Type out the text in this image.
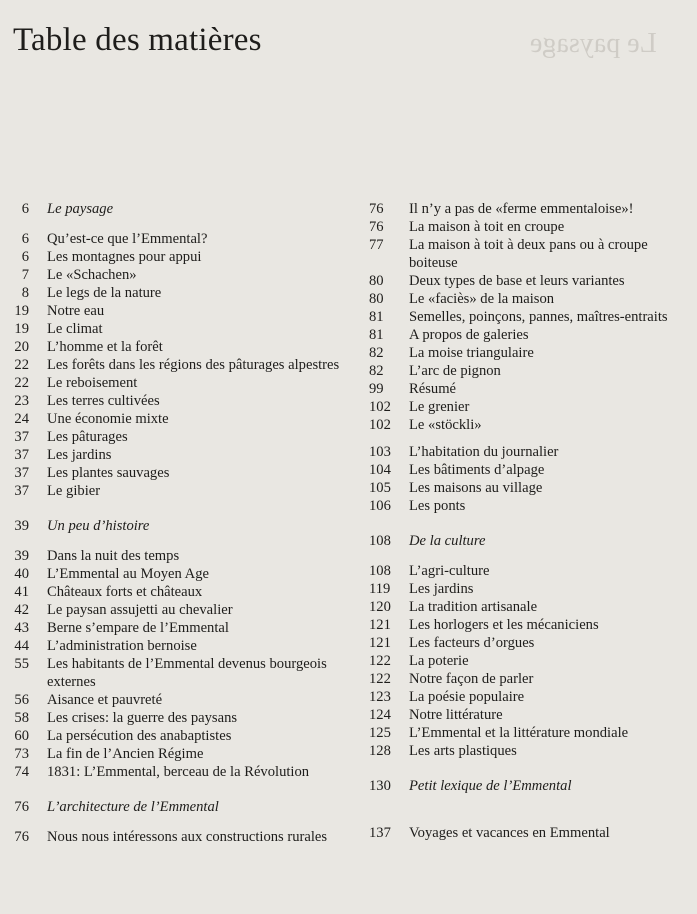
Le paysage
Table des matières
6	Le paysage
6	Qu’est-ce que l’Emmental?
6	Les montagnes pour appui
7	Le «Schachen»
8	Le legs de la nature
19	Notre eau
19	Le climat
20	L’homme et la forêt
22	Les forêts dans les régions des pâturages alpestres
22	Le reboisement
23	Les terres cultivées
24	Une économie mixte
37	Les pâturages
37	Les jardins
37	Les plantes sauvages
37	Le gibier
39	Un peu d’histoire
39	Dans la nuit des temps
40	L’Emmental au Moyen Age
41	Châteaux forts et châteaux
42	Le paysan assujetti au chevalier
43	Berne s’empare de l’Emmental
44	L’administration bernoise
55	Les habitants de l’Emmental devenus bourgeois externes
56	Aisance et pauvreté
58	Les crises: la guerre des paysans
60	La persécution des anabaptistes
73	La fin de l’Ancien Régime
74	1831: L’Emmental, berceau de la Révolution
76	L’architecture de l’Emmental
76	Nous nous intéressons aux constructions rurales
76	Il n’y a pas de «ferme emmentaloise»!
76	La maison à toit en croupe
77	La maison à toit à deux pans ou à croupe boiteuse
80	Deux types de base et leurs variantes
80	Le «faciès» de la maison
81	Semelles, poinçons, pannes, maîtres-entraits
81	A propos de galeries
82	La moise triangulaire
82	L’arc de pignon
99	Résumé
102	Le grenier
102	Le «stöckli»
103	L’habitation du journalier
104	Les bâtiments d’alpage
105	Les maisons au village
106	Les ponts
108	De la culture
108	L’agri-culture
119	Les jardins
120	La tradition artisanale
121	Les horlogers et les mécaniciens
121	Les facteurs d’orgues
122	La poterie
122	Notre façon de parler
123	La poésie populaire
124	Notre littérature
125	L’Emmental et la littérature mondiale
128	Les arts plastiques
130	Petit lexique de l’Emmental
137	Voyages et vacances en Emmental
